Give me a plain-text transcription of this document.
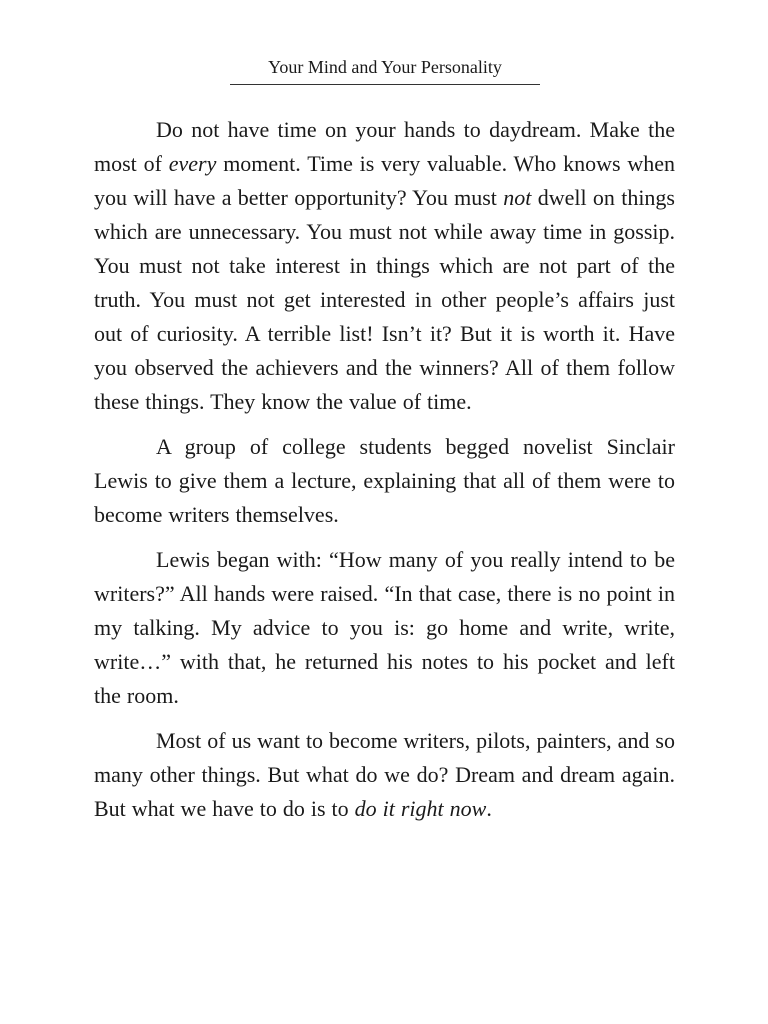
Your Mind and Your Personality

Do not have time on your hands to daydream. Make the most of every moment. Time is very valuable. Who knows when you will have a better opportunity? You must not dwell on things which are unnecessary. You must not while away time in gossip. You must not take interest in things which are not part of the truth. You must not get interested in other people’s affairs just out of curiosity. A terrible list! Isn’t it? But it is worth it. Have you observed the achievers and the winners? All of them follow these things. They know the value of time.

A group of college students begged novelist Sinclair Lewis to give them a lecture, explaining that all of them were to become writers themselves.

Lewis began with: “How many of you really intend to be writers?” All hands were raised. “In that case, there is no point in my talking. My advice to you is: go home and write, write, write…” with that, he returned his notes to his pocket and left the room.

Most of us want to become writers, pilots, painters, and so many other things. But what do we do? Dream and dream again. But what we have to do is to do it right now.
